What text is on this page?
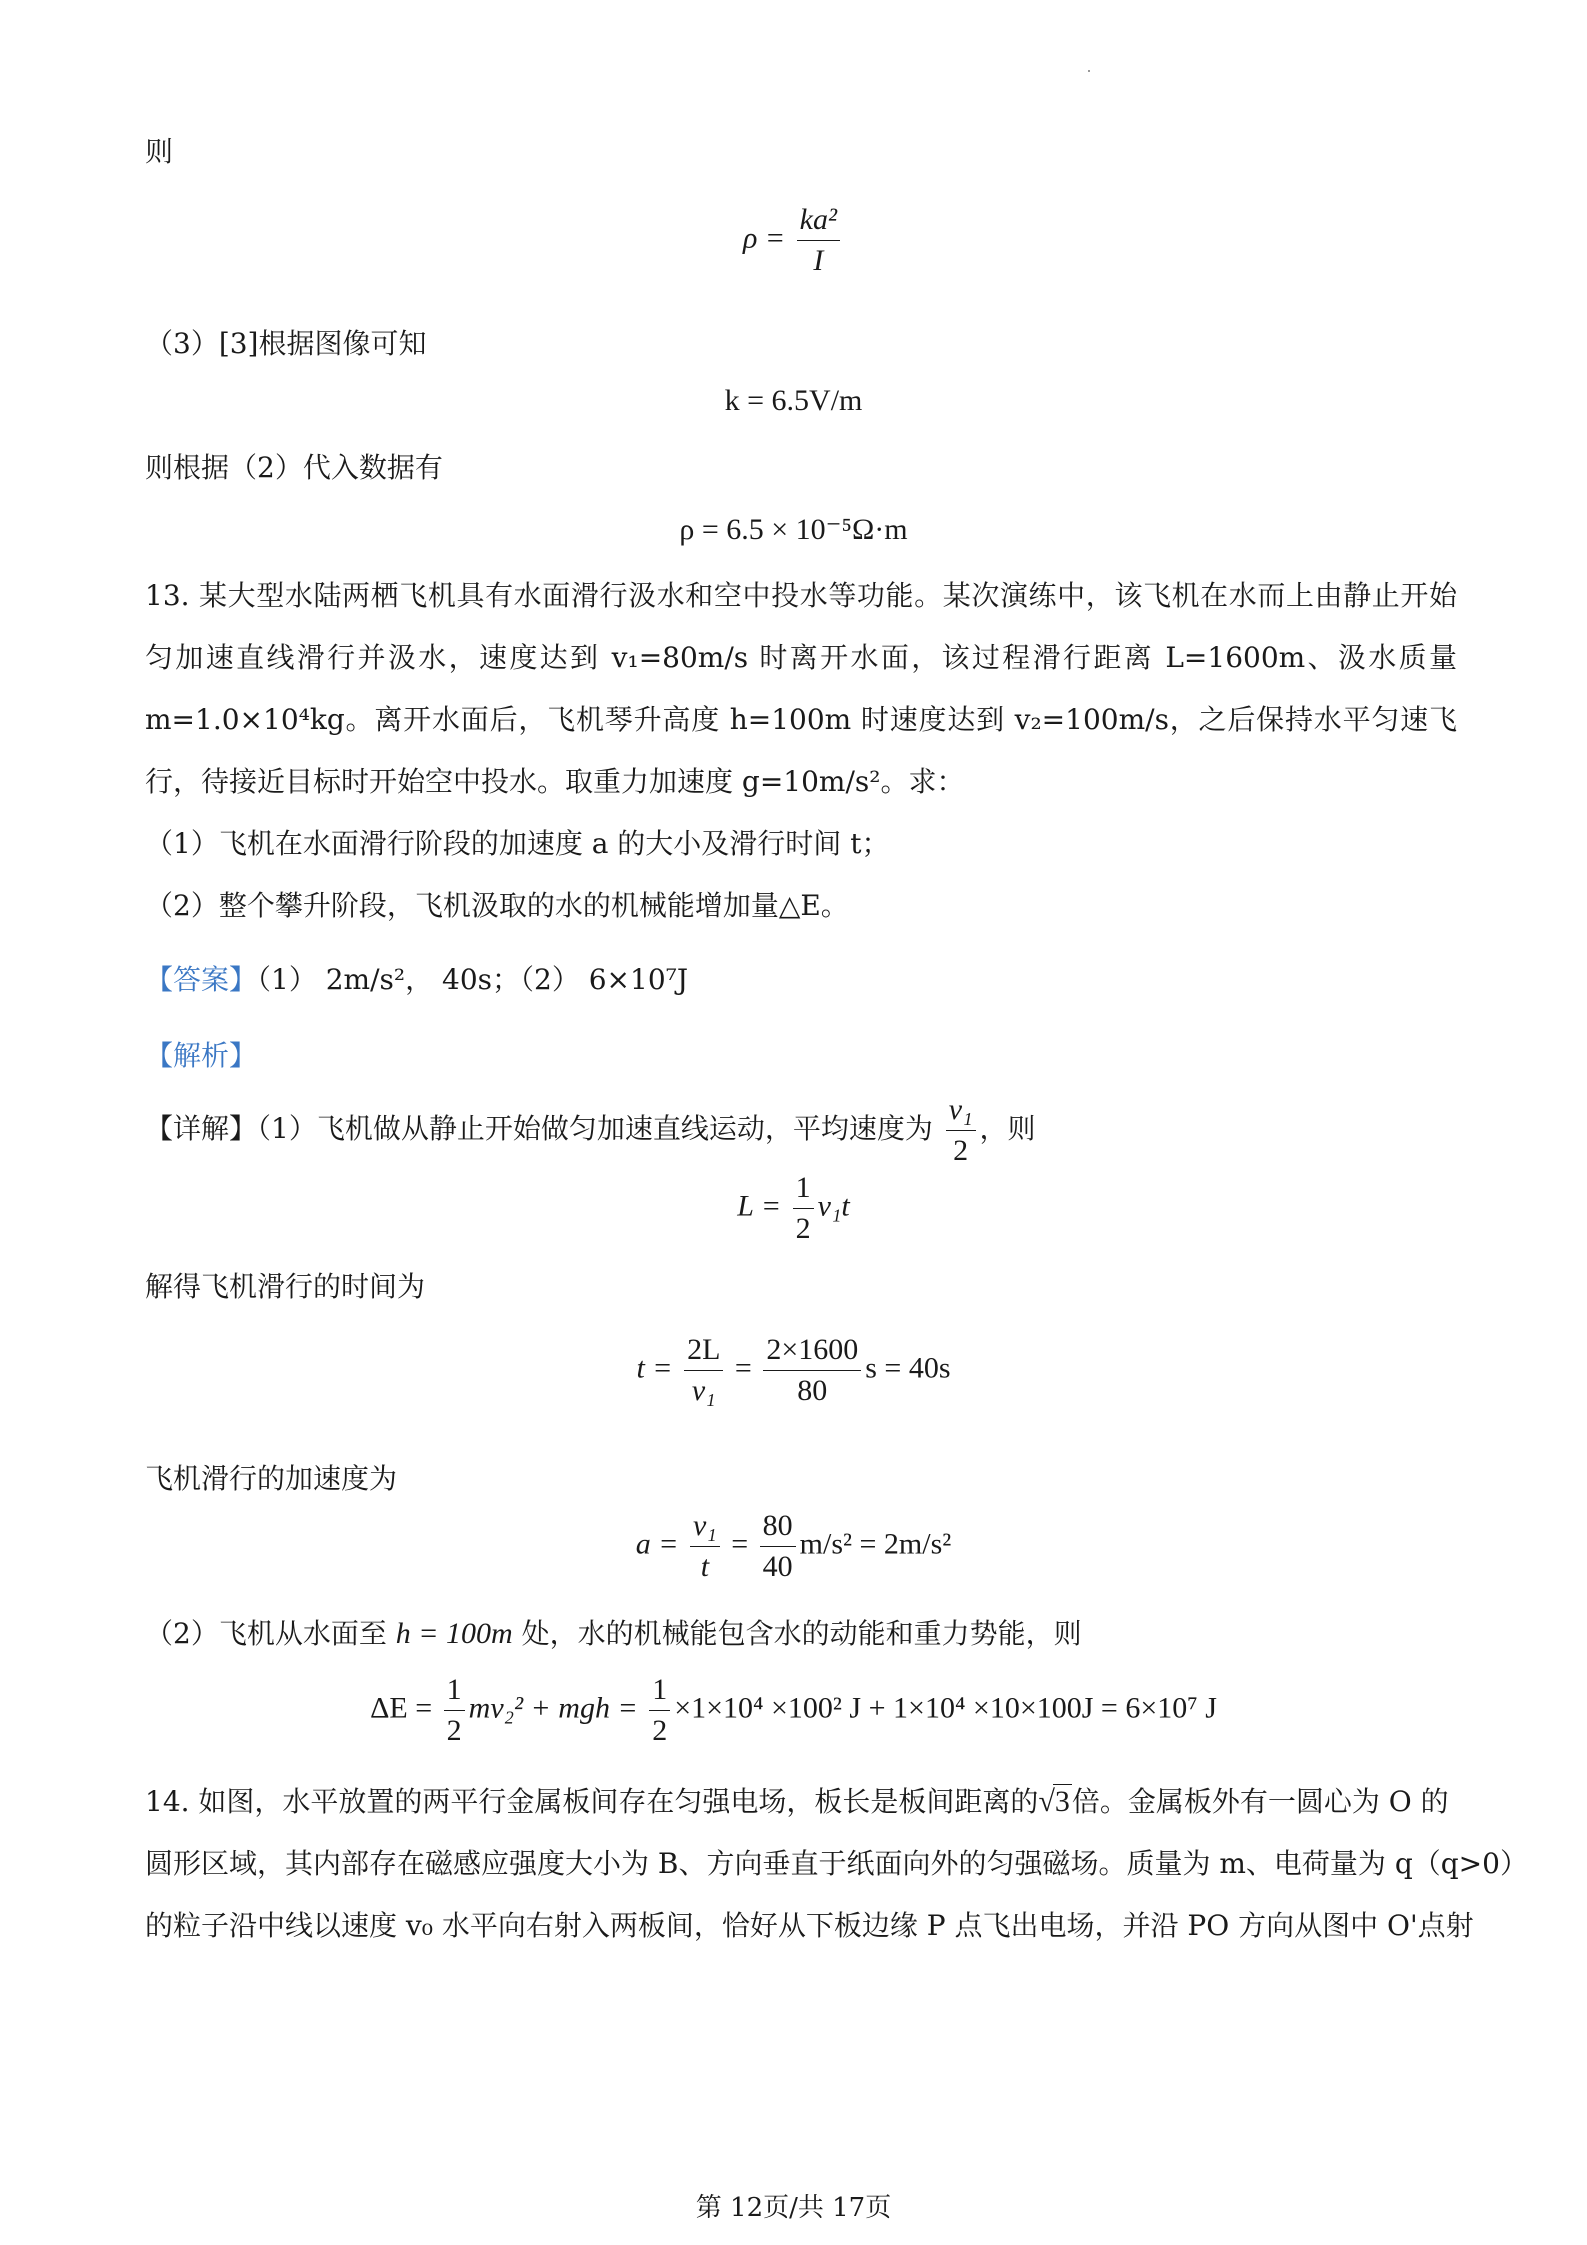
则
$\rho = \frac{\text{ka²}}{I}$
（3）[3]根据图像可知
k = 6.5V/m
则根据（2）代入数据有
ρ = 6.5 × 10⁻⁵Ω·m
13. 某大型水陆两栖飞机具有水面滑行汲水和空中投水等功能。某次演练中，该飞机在水而上由静止开始匀加速直线滑行并汲水，速度达到 v₁=80m/s 时离开水面，该过程滑行距离 L=1600m、汲水质量 m=1.0×10⁴kg。离开水面后，飞机琴升高度 h=100m 时速度达到 v₂=100m/s，之后保持水平匀速飞行，待接近目标时开始空中投水。取重力加速度 g=10m/s²。求：
（1）飞机在水面滑行阶段的加速度 a 的大小及滑行时间 t；
（2）整个攀升阶段，飞机汲取的水的机械能增加量△E。
【答案】（1） 2m/s²， 40s；（2） 6×10⁷J
【解析】
【详解】（1）飞机做从静止开始做匀加速直线运动，平均速度为 $\frac{\text{v₁}}{2}$ ，则
$L = \frac{1}{2} v_1t$
解得飞机滑行的时间为
$t = \frac{2L}{\text{v₁}} = \frac{2\times 1600}{80}$ s = 40s
飞机滑行的加速度为
$a = \frac{\text{v₁}}{t} = \frac{80}{40} m/s^2 = 2m/s^2$
（2）飞机从水面至 h = 100m 处，水的机械能包含水的动能和重力势能，则
$\Delta E = \frac{1}{2} mv_2^2$ + mgh = $\frac{1}{2} \times 1\times 10^4 \times 100^2$ J + 1×10⁴ ×10×100J = 6×10⁷ J
14. 如图，水平放置的两平行金属板间存在匀强电场，板长是板间距离的√3倍。金属板外有一圆心为 O 的
圆形区域，其内部存在磁感应强度大小为 B、方向垂直于纸面向外的匀强磁场。质量为 m、电荷量为 q（q>0）
的粒子沿中线以速度 v₀ 水平向右射入两板间，恰好从下板边缘 P 点飞出电场，并沿 PO 方向从图中 O'点射
第 12页/共 17页
